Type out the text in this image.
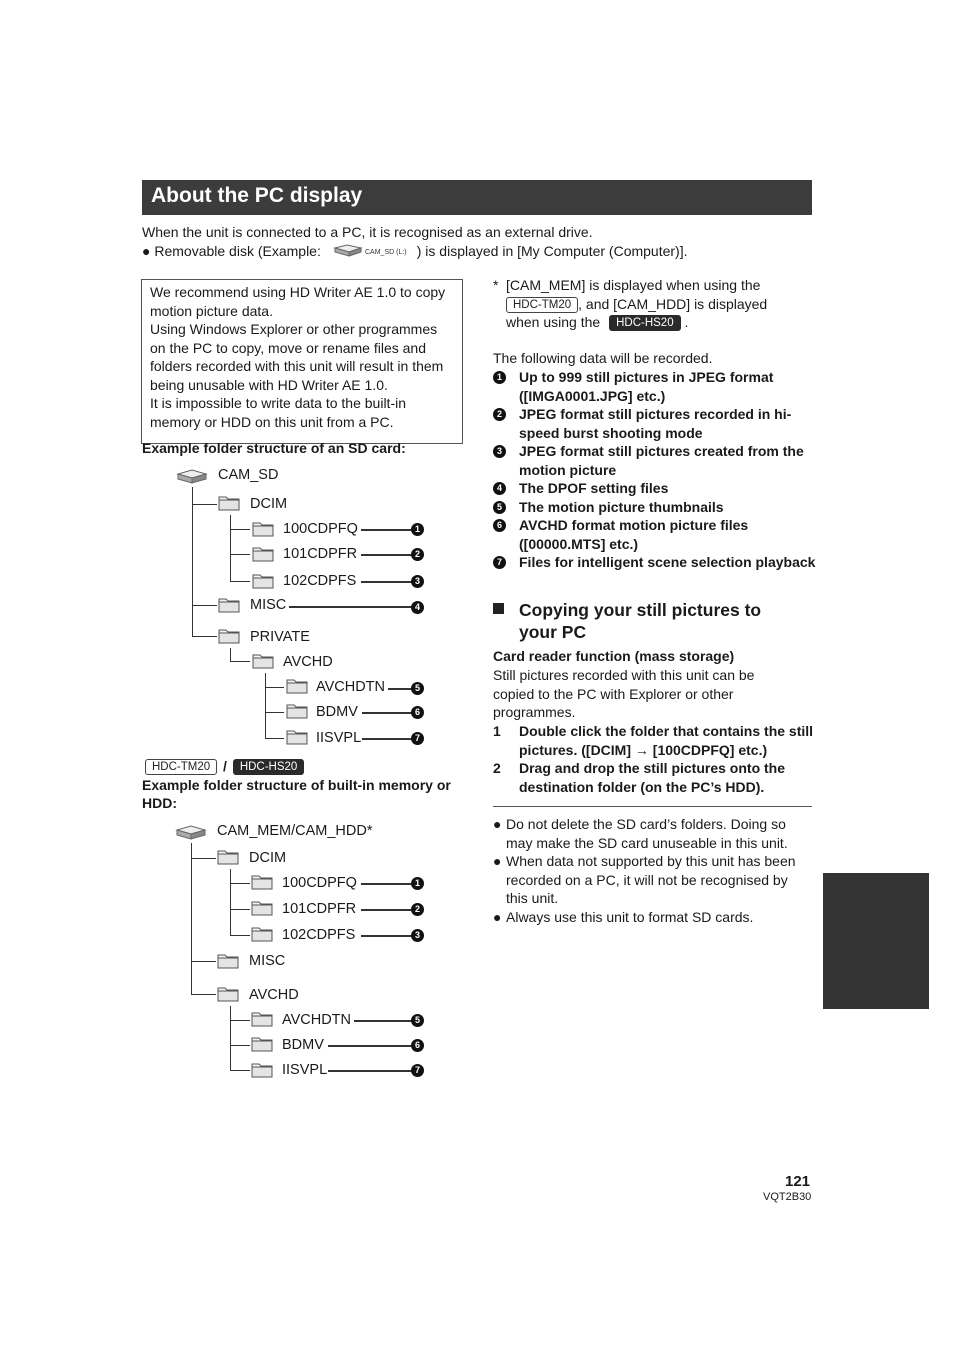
About the PC display
When the unit is connected to a PC, it is recognised as an external drive.
● Removable disk (Example:	CAM_SD (L:) ) is displayed in [My Computer (Computer)].
We recommend using HD Writer AE 1.0 to copy motion picture data.
Using Windows Explorer or other programmes on the PC to copy, move or rename files and folders recorded with this unit will result in them being unusable with HD Writer AE 1.0.
It is impossible to write data to the built-in memory or HDD on this unit from a PC.
Example folder structure of an SD card:
CAM_SD
DCIM
100CDPFQ	1
101CDPFR	2
102CDPFS	3
MISC	4
PRIVATE
AVCHD
AVCHDTN	5
BDMV	6
IISVPL	7
HDC-TM20 / HDC-HS20
Example folder structure of built-in memory or HDD:
CAM_MEM/CAM_HDD*
DCIM
100CDPFQ	1
101CDPFR	2
102CDPFS	3
MISC
AVCHD
AVCHDTN	5
BDMV	6
IISVPL	7
* [CAM_MEM] is displayed when using the
HDC-TM20 , and [CAM_HDD] is displayed
when using the HDC-HS20 .
The following data will be recorded.
1 Up to 999 still pictures in JPEG format ([IMGA0001.JPG] etc.)
2 JPEG format still pictures recorded in hi-speed burst shooting mode
3 JPEG format still pictures created from the motion picture
4 The DPOF setting files
5 The motion picture thumbnails
6 AVCHD format motion picture files ([00000.MTS] etc.)
7 Files for intelligent scene selection playback
Copying your still pictures to your PC
Card reader function (mass storage)
Still pictures recorded with this unit can be copied to the PC with Explorer or other programmes.
1 Double click the folder that contains the still pictures. ([DCIM] → [100CDPFQ] etc.)
2 Drag and drop the still pictures onto the destination folder (on the PC’s HDD).
● Do not delete the SD card’s folders. Doing so may make the SD card unuseable in this unit.
● When data not supported by this unit has been recorded on a PC, it will not be recognised by this unit.
● Always use this unit to format SD cards.
121
VQT2B30
